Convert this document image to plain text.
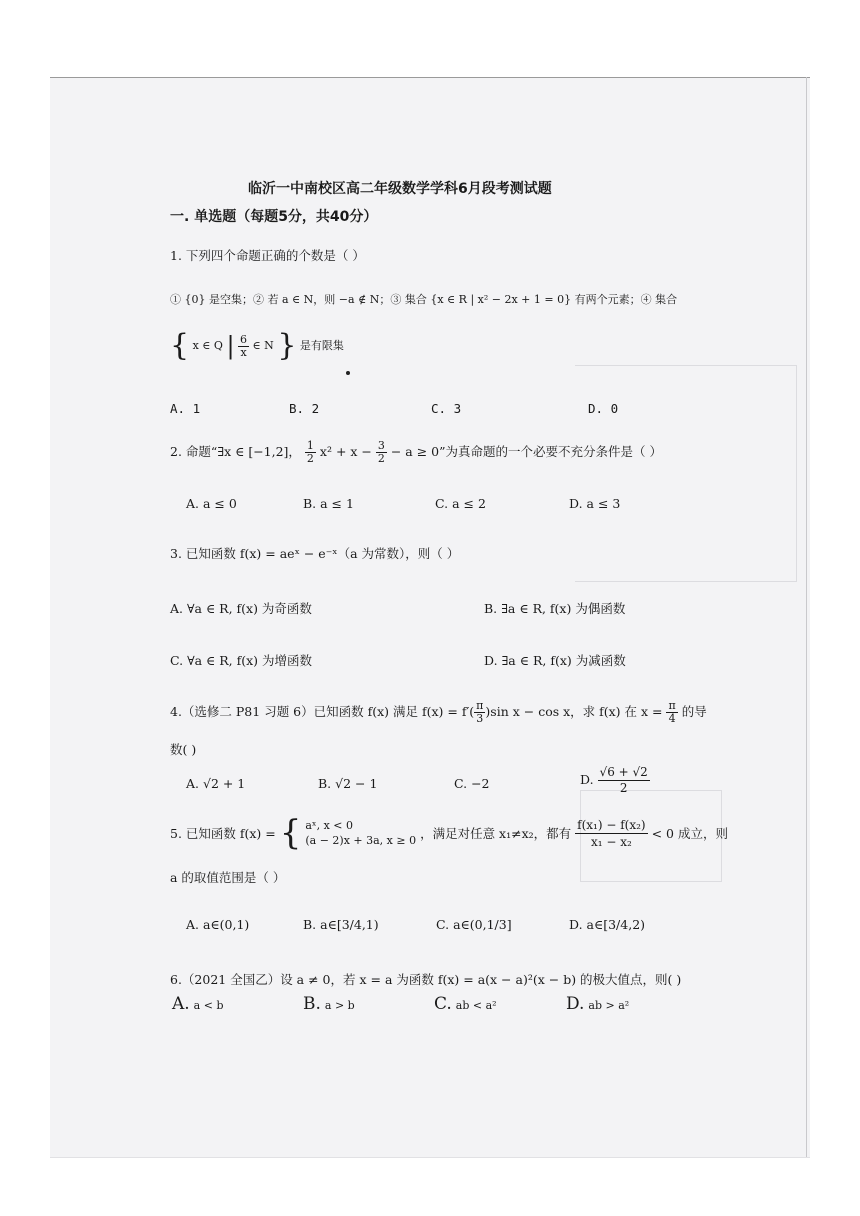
临沂一中南校区高二年级数学学科6月段考测试题
一. 单选题（每题5分，共40分）
1. 下列四个命题正确的个数是（ ）
① {0} 是空集；② 若 a ∈ N，则 −a ∉ N；③ 集合 {x ∈ R | x² − 2x + 1 = 0} 有两个元素；④ 集合
{ x ∈ Q | $\frac{6}{x}$ ∈ N } 是有限集
A. 1	B. 2	C. 3	D. 0
2. 命题“∃x ∈ [−1,2]， $\frac{1}{2} x^2 + x - \frac{3}{2} - a \ge 0$”为真命题的一个必要不充分条件是（ ）
A. a ≤ 0	B. a ≤ 1	C. a ≤ 2	D. a ≤ 3
3. 已知函数 f(x) = aeˣ − e⁻ˣ（a 为常数），则（ ）
A. ∀a ∈ R, f(x) 为奇函数	B. ∃a ∈ R, f(x) 为偶函数
C. ∀a ∈ R, f(x) 为增函数	D. ∃a ∈ R, f(x) 为减函数
4.（选修二 P81 习题 6）已知函数 f(x) 满足 $f(x) = f'( \frac{\pi}{3} )\sin$ x − cos x，求 f(x) 在 $x = \frac{\pi}{4}$ 的导
数( )
A. √2 + 1	B. √2 − 1	C. −2	D. $\frac{√6 + √2}{2}$
5. 已知函数 f(x) = { aˣ, x < 0
(a − 2)x + 3a, x ≥ 0 ，满足对任意 x₁≠x₂，都有 $\frac{\text{f(x₁) − f(x₂)}}{\text{x₁ − x₂}} < 0$ 成立，则
a 的取值范围是（ ）
A. a∈(0,1)	B. a∈[3/4,1)	C. a∈(0,1/3]	D. a∈[3/4,2)
6.（2021 全国乙）设 a ≠ 0，若 x = a 为函数 f(x) = a(x − a)²(x − b) 的极大值点，则( )
A. a < b	B. a > b	C. ab < a²	D. ab > a²
